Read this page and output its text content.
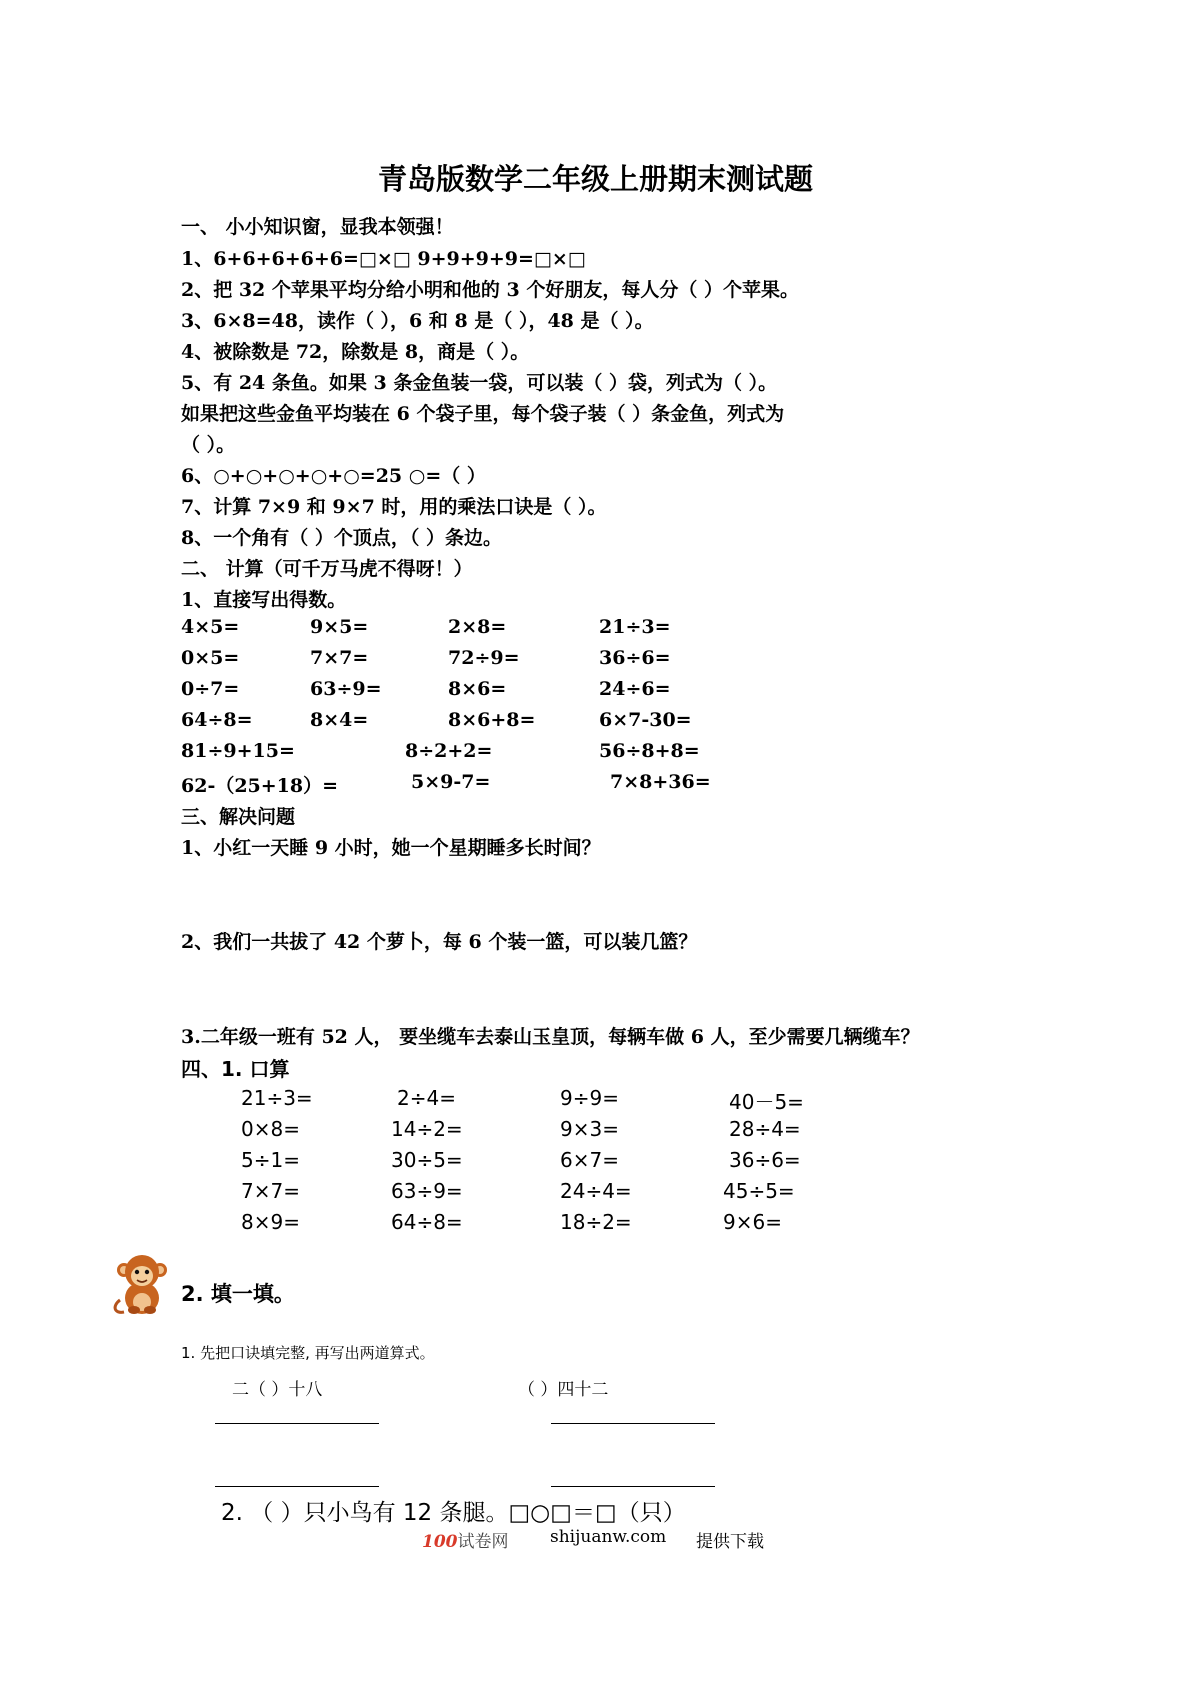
青岛版数学二年级上册期末测试题
一、 小小知识窗，显我本领强！
1、6+6+6+6+6=□×□ 9+9+9+9=□×□
2、把 32 个苹果平均分给小明和他的 3 个好朋友，每人分（ ）个苹果。
3、6×8=48，读作（ ），6 和 8 是（ ），48 是（ ）。
4、被除数是 72，除数是 8，商是（ ）。
5、有 24 条鱼。如果 3 条金鱼装一袋，可以装（ ）袋，列式为（ ）。
如果把这些金鱼平均装在 6 个袋子里，每个袋子装（ ）条金鱼，列式为
（ ）。
6、○+○+○+○+○=25 ○=（ ）
7、计算 7×9 和 9×7 时，用的乘法口诀是（ ）。
8、一个角有（ ）个顶点，（ ）条边。
二、 计算（可千万马虎不得呀！）
1、直接写出得数。
4×5=	9×5=	2×8=	21÷3=
0×5=	7×7=	72÷9=	36÷6=
0÷7=	63÷9=	8×6=	24÷6=
64÷8=	8×4=	8×6+8=	6×7-30=
81÷9+15=	8÷2+2=	56÷8+8=
62-（25+18）=	5×9-7=	7×8+36=
三、解决问题
1、小红一天睡 9 小时，她一个星期睡多长时间？
2、我们一共拔了 42 个萝卜，每 6 个装一篮，可以装几篮？
3.二年级一班有 52 人， 要坐缆车去泰山玉皇顶，每辆车做 6 人，至少需要几辆缆车？
四、1. 口算
21÷3=	2÷4=	9÷9=	40－5=
0×8=	14÷2=	9×3=	28÷4=
5÷1=	30÷5=	6×7=	36÷6=
7×7=	63÷9=	24÷4=	45÷5=
8×9=	64÷8=	18÷2=	9×6=
2. 填一填。
1. 先把口诀填完整, 再写出两道算式。
二（ ）十八	（ ）四十二
2. （ ）只小鸟有 12 条腿。□○□＝□（只）
100试卷网 shijuanw.com 提供下载
